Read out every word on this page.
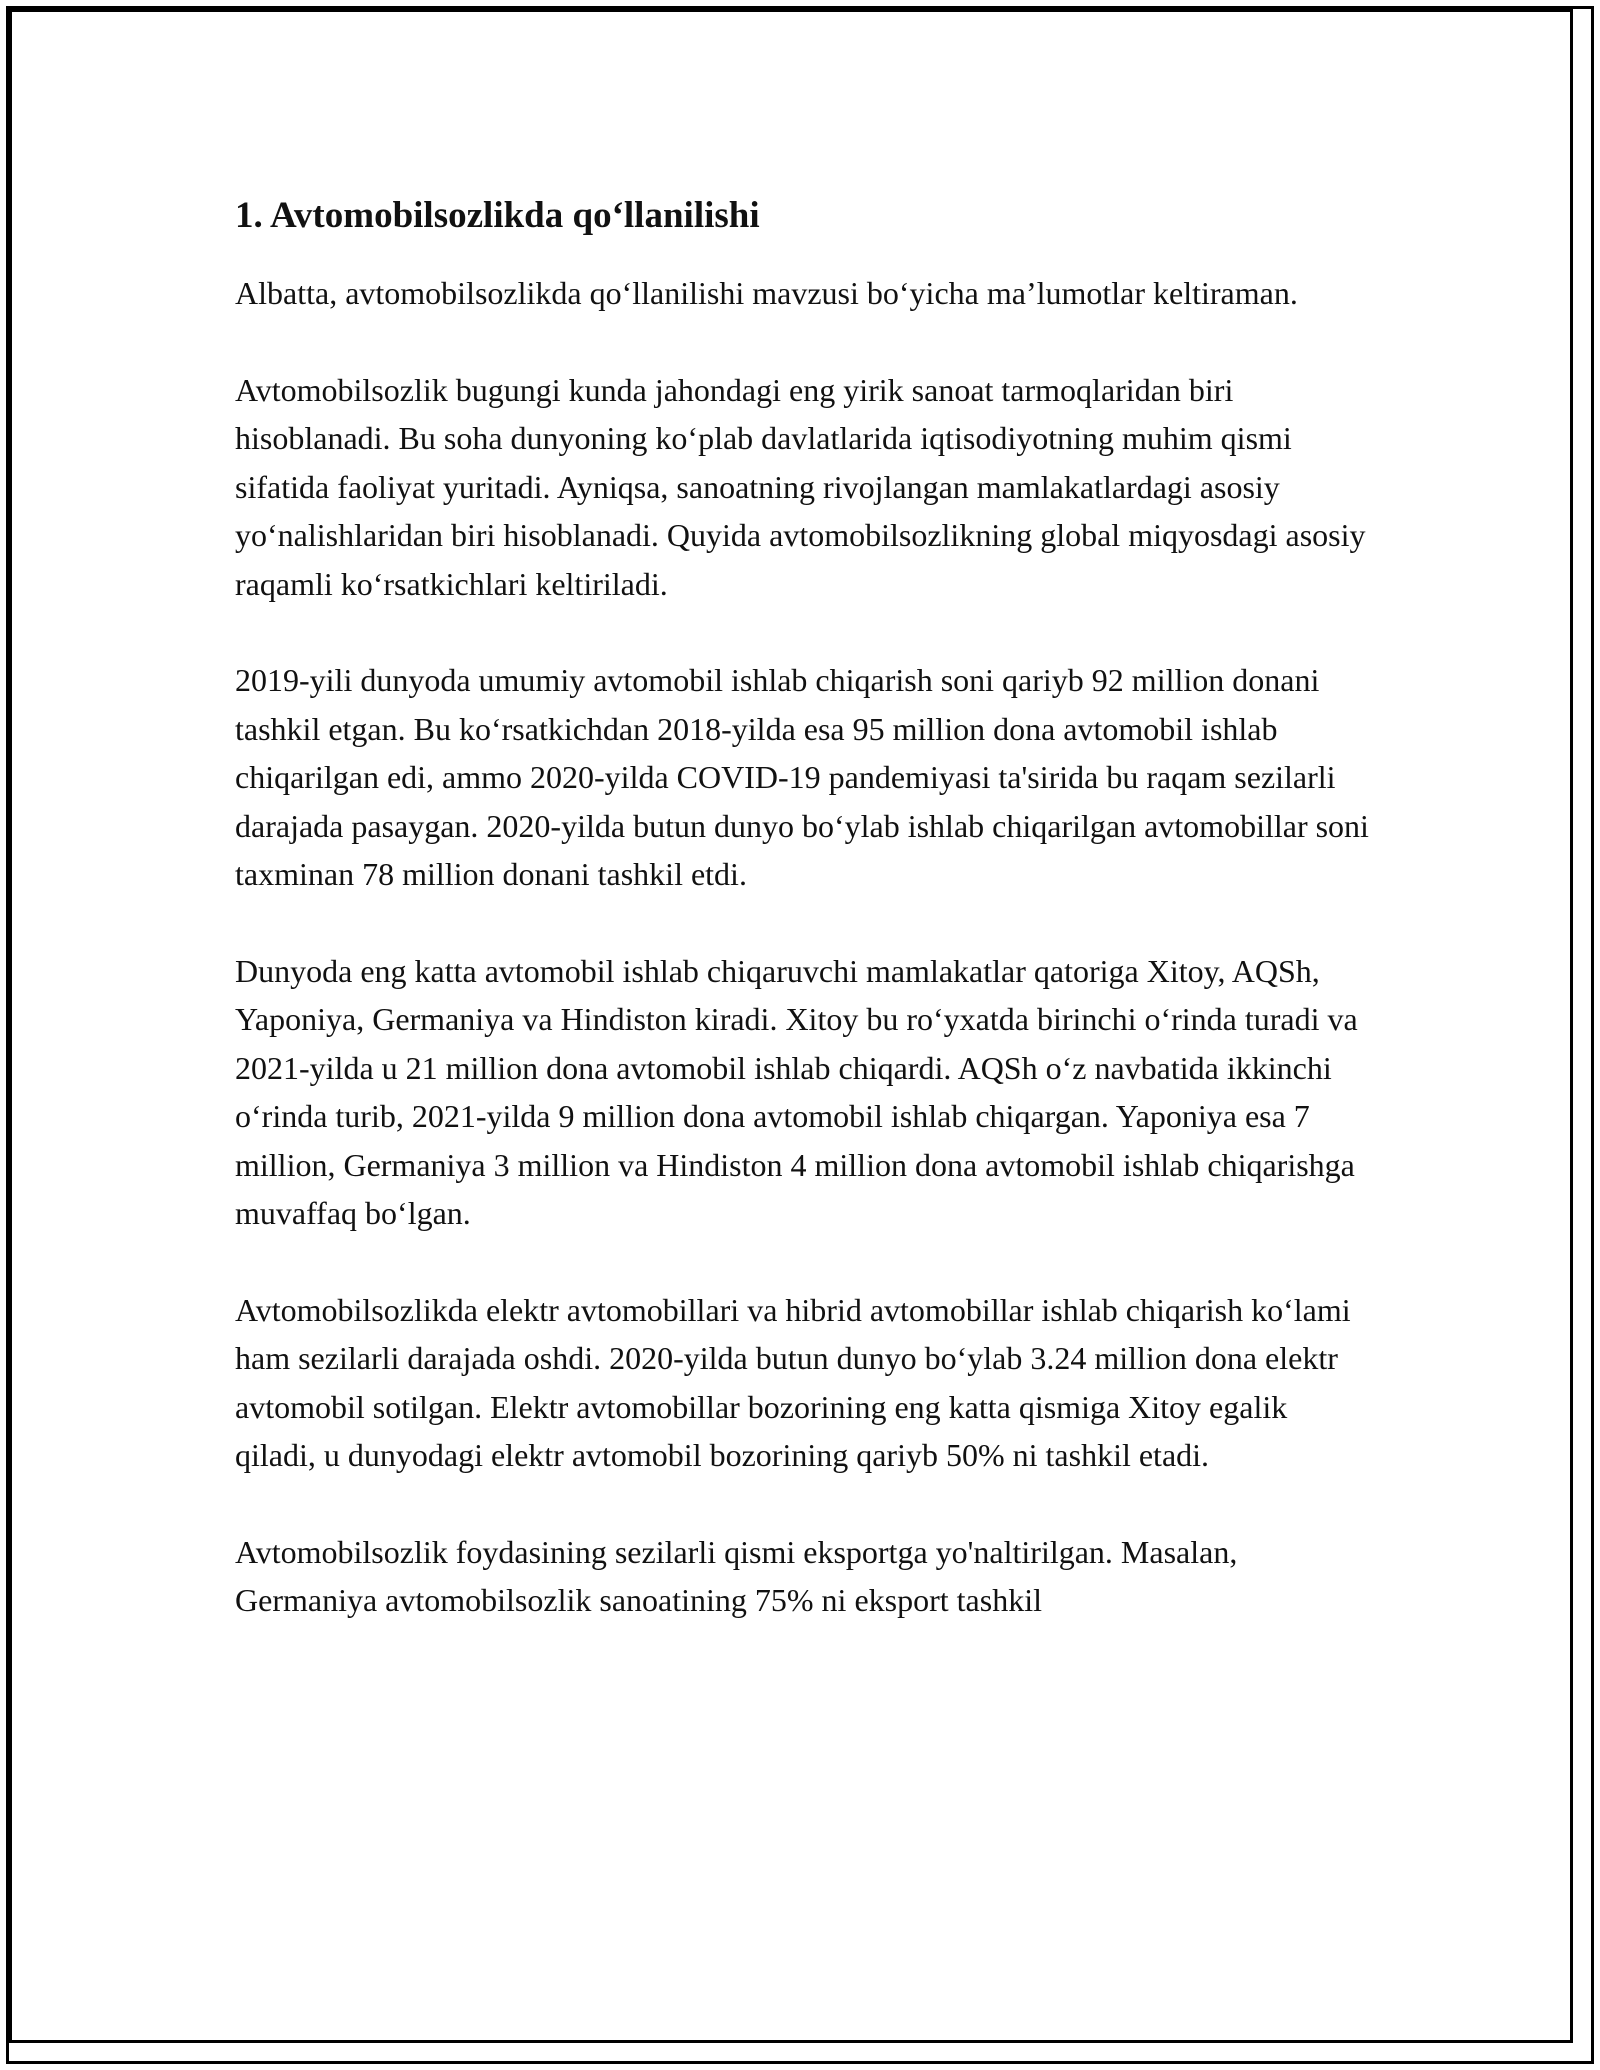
1. Avtomobilsozlikda qo‘llanilishi

Albatta, avtomobilsozlikda qo‘llanilishi mavzusi bo‘yicha ma’lumotlar keltiraman.

Avtomobilsozlik bugungi kunda jahondagi eng yirik sanoat tarmoqlaridan biri hisoblanadi. Bu soha dunyoning ko‘plab davlatlarida iqtisodiyotning muhim qismi sifatida faoliyat yuritadi. Ayniqsa, sanoatning rivojlangan mamlakatlardagi asosiy yo‘nalishlaridan biri hisoblanadi. Quyida avtomobilsozlikning global miqyosdagi asosiy raqamli ko‘rsatkichlari keltiriladi.

2019-yili dunyoda umumiy avtomobil ishlab chiqarish soni qariyb 92 million donani tashkil etgan. Bu ko‘rsatkichdan 2018-yilda esa 95 million dona avtomobil ishlab chiqarilgan edi, ammo 2020-yilda COVID-19 pandemiyasi ta'sirida bu raqam sezilarli darajada pasaygan. 2020-yilda butun dunyo bo‘ylab ishlab chiqarilgan avtomobillar soni taxminan 78 million donani tashkil etdi.

Dunyoda eng katta avtomobil ishlab chiqaruvchi mamlakatlar qatoriga Xitoy, AQSh, Yaponiya, Germaniya va Hindiston kiradi. Xitoy bu ro‘yxatda birinchi o‘rinda turadi va 2021-yilda u 21 million dona avtomobil ishlab chiqardi. AQSh o‘z navbatida ikkinchi o‘rinda turib, 2021-yilda 9 million dona avtomobil ishlab chiqargan. Yaponiya esa 7 million, Germaniya 3 million va Hindiston 4 million dona avtomobil ishlab chiqarishga muvaffaq bo‘lgan.

Avtomobilsozlikda elektr avtomobillari va hibrid avtomobillar ishlab chiqarish ko‘lami ham sezilarli darajada oshdi. 2020-yilda butun dunyo bo‘ylab 3.24 million dona elektr avtomobil sotilgan. Elektr avtomobillar bozorining eng katta qismiga Xitoy egalik qiladi, u dunyodagi elektr avtomobil bozorining qariyb 50% ni tashkil etadi.

Avtomobilsozlik foydasining sezilarli qismi eksportga yo'naltirilgan. Masalan, Germaniya avtomobilsozlik sanoatining 75% ni eksport tashkil
